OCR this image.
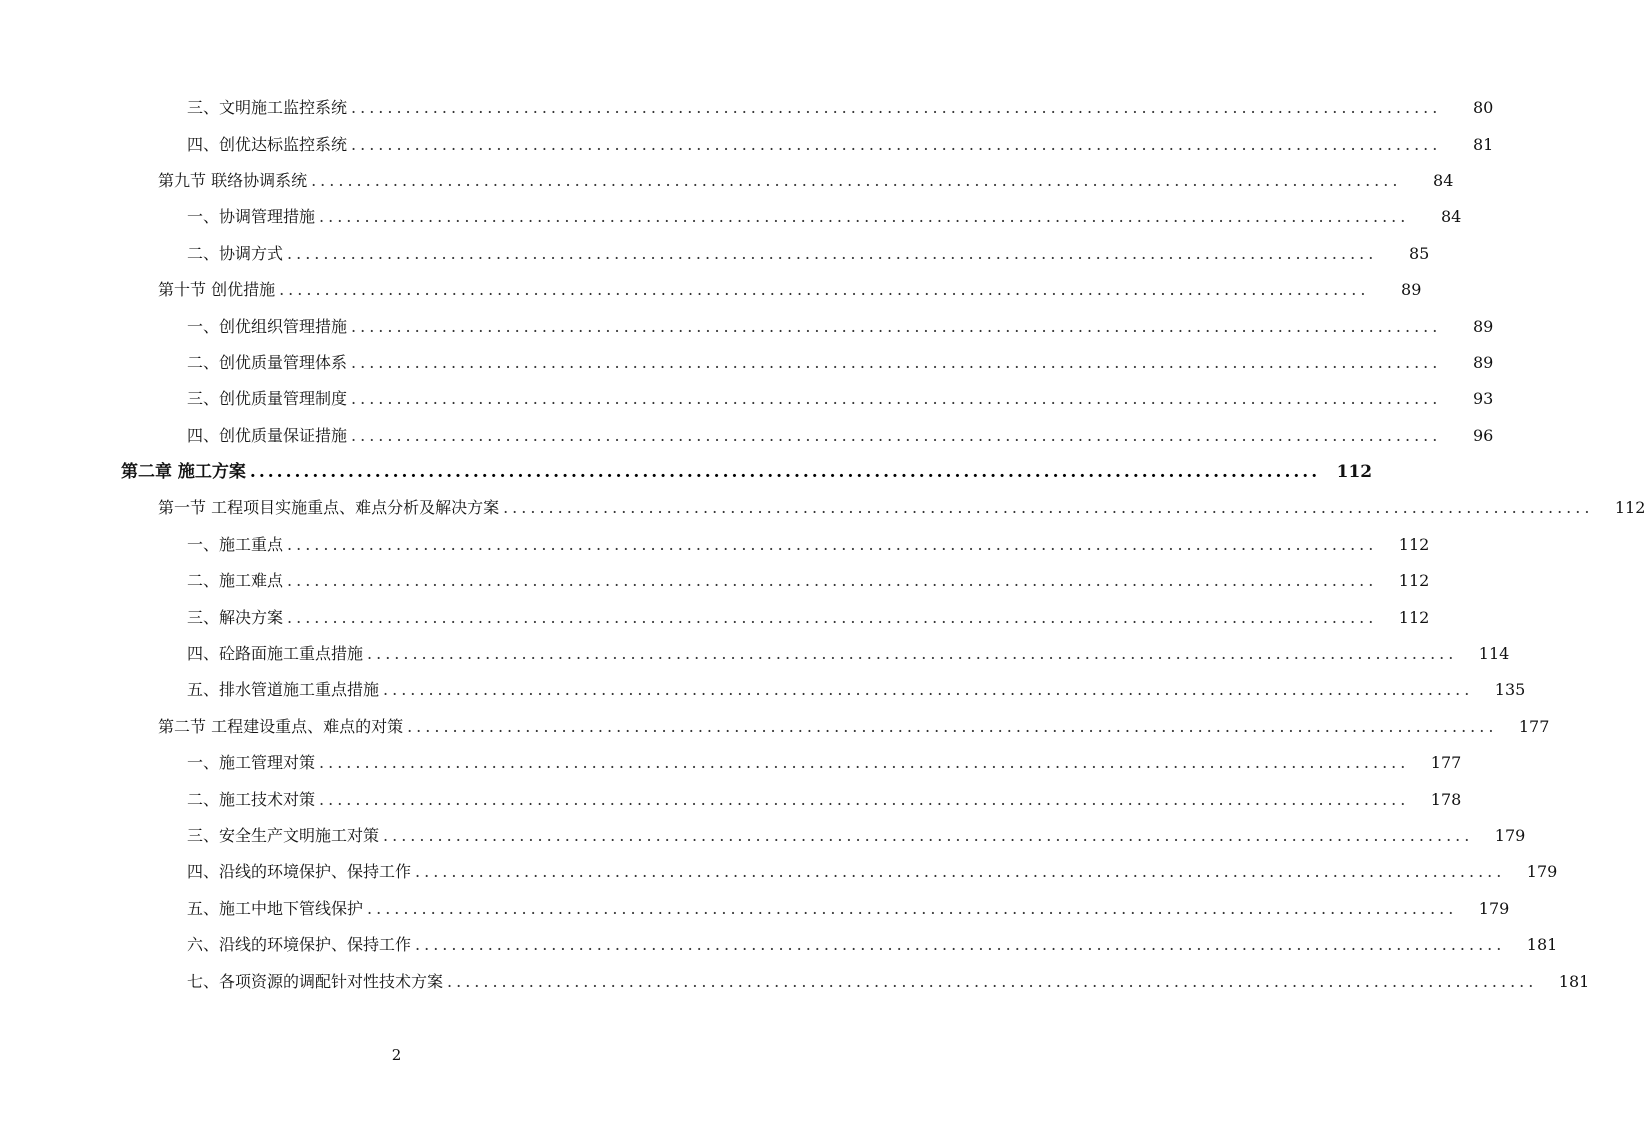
三、文明施工监控系统 ........................................................................................................................	80
四、创优达标监控系统 ........................................................................................................................	81
第九节 联络协调系统 ........................................................................................................................	84
一、协调管理措施 ........................................................................................................................	84
二、协调方式 ........................................................................................................................	85
第十节 创优措施 ........................................................................................................................	89
一、创优组织管理措施 ........................................................................................................................	89
二、创优质量管理体系 ........................................................................................................................	89
三、创优质量管理制度 ........................................................................................................................	93
四、创优质量保证措施 ........................................................................................................................	96
第二章 施工方案 ........................................................................................................................ 112
第一节 工程项目实施重点、难点分析及解决方案 ........................................................................................................................	112
一、施工重点 ........................................................................................................................	112
二、施工难点 ........................................................................................................................	112
三、解决方案 ........................................................................................................................	112
四、砼路面施工重点措施 ........................................................................................................................	114
五、排水管道施工重点措施 ........................................................................................................................	135
第二节 工程建设重点、难点的对策 ........................................................................................................................	177
一、施工管理对策 ........................................................................................................................	177
二、施工技术对策 ........................................................................................................................	178
三、安全生产文明施工对策 ........................................................................................................................	179
四、沿线的环境保护、保持工作 ........................................................................................................................	179
五、施工中地下管线保护 ........................................................................................................................	179
六、沿线的环境保护、保持工作 ........................................................................................................................	181
七、各项资源的调配针对性技术方案 ........................................................................................................................	181
2
